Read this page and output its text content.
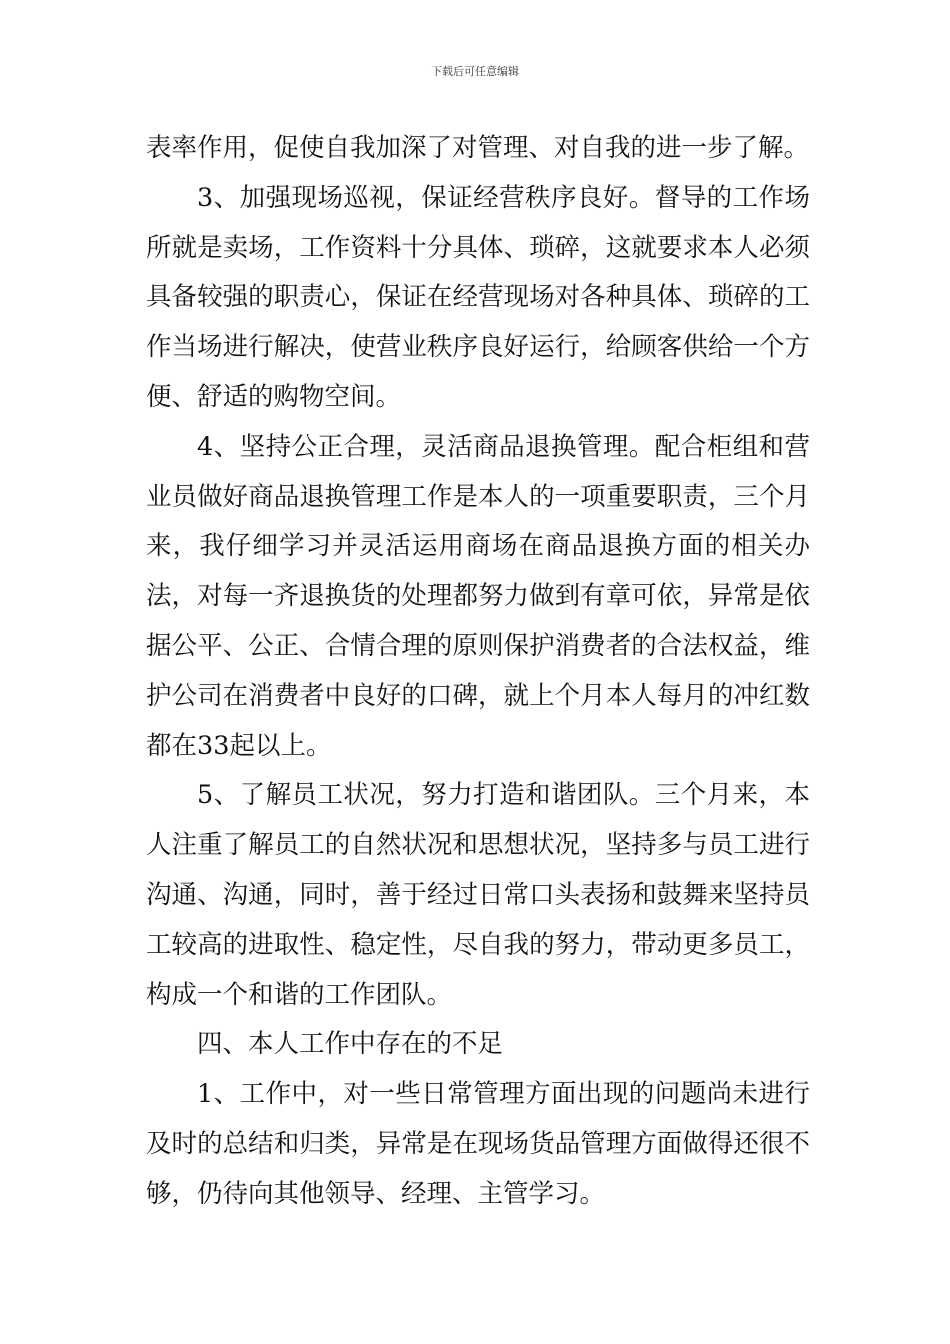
下载后可任意编辑

表率作用，促使自我加深了对管理、对自我的进一步了解。

3、加强现场巡视，保证经营秩序良好。督导的工作场所就是卖场，工作资料十分具体、琐碎，这就要求本人必须具备较强的职责心，保证在经营现场对各种具体、琐碎的工作当场进行解决，使营业秩序良好运行，给顾客供给一个方便、舒适的购物空间。

4、坚持公正合理，灵活商品退换管理。配合柜组和营业员做好商品退换管理工作是本人的一项重要职责，三个月来，我仔细学习并灵活运用商场在商品退换方面的相关办法，对每一齐退换货的处理都努力做到有章可依，异常是依据公平、公正、合情合理的原则保护消费者的合法权益，维护公司在消费者中良好的口碑，就上个月本人每月的冲红数都在33起以上。

5、了解员工状况，努力打造和谐团队。三个月来，本人注重了解员工的自然状况和思想状况，坚持多与员工进行沟通、沟通，同时，善于经过日常口头表扬和鼓舞来坚持员工较高的进取性、稳定性，尽自我的努力，带动更多员工，构成一个和谐的工作团队。

四、本人工作中存在的不足

1、工作中，对一些日常管理方面出现的问题尚未进行及时的总结和归类，异常是在现场货品管理方面做得还很不够，仍待向其他领导、经理、主管学习。
